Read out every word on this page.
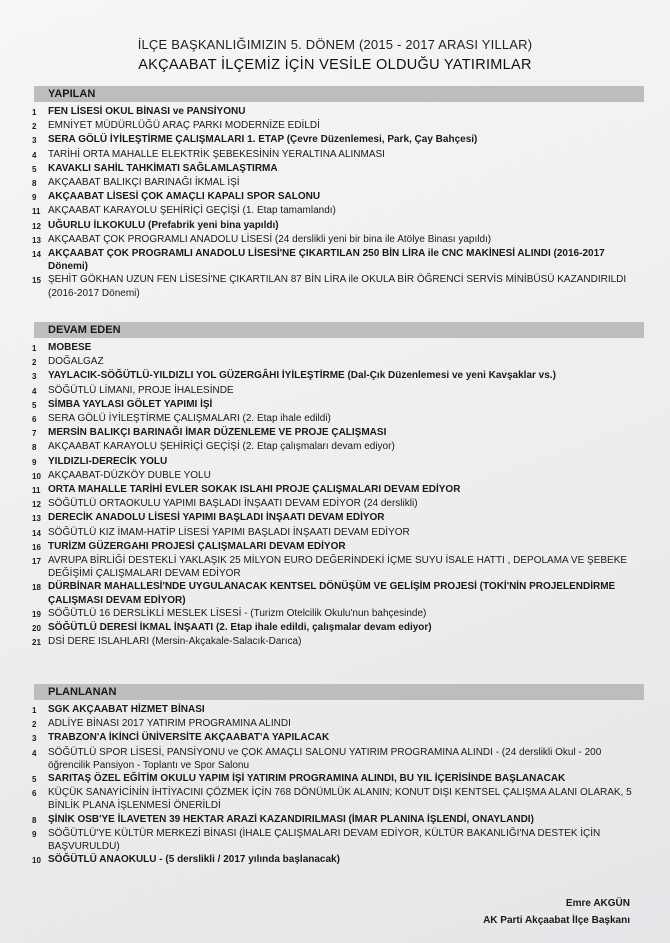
İLÇE BAŞKANLIĞIMIZIN 5. DÖNEM (2015 - 2017 ARASI YILLAR)
AKÇAABAT İLÇEMİZ İÇİN VESİLE OLDUĞU YATIRIMLAR
YAPILAN
1	FEN LİSESİ OKUL BİNASI ve PANSİYONU
2	EMNİYET MÜDÜRLÜĞÜ ARAÇ PARKI MODERNİZE EDİLDİ
3	SERA GÖLÜ İYİLEŞTİRME ÇALIŞMALARI 1. ETAP (Çevre Düzenlemesi, Park, Çay Bahçesi)
4	TARİHİ ORTA MAHALLE ELEKTRİK ŞEBEKESİNİN YERALTINA ALINMASI
5	KAVAKLI SAHİL TAHKİMATI SAĞLAMLAŞTIRMA
8	AKÇAABAT BALIKÇI BARINAĞI İKMAL İŞİ
9	AKÇAABAT LİSESİ ÇOK AMAÇLI KAPALI SPOR SALONU
11 AKÇAABAT KARAYOLU ŞEHİRİÇİ GEÇİŞİ (1. Etap tamamlandı)
12 UĞURLU İLKOKULU (Prefabrik yeni bina yapıldı)
13 AKÇAABAT ÇOK PROGRAMLI ANADOLU LİSESİ (24 derslikli yeni bir bina ile Atölye Binası yapıldı)
14 AKÇAABAT ÇOK PROGRAMLI ANADOLU LİSESİ'NE ÇIKARTILAN 250 BİN LİRA ile CNC MAKİNESİ ALINDI (2016-2017 Dönemi)
15 ŞEHİT GÖKHAN UZUN FEN LİSESİ'NE ÇIKARTILAN 87 BİN LİRA ile OKULA BİR ÖĞRENCİ SERVİS MİNİBÜSÜ KAZANDIRILDI (2016-2017 Dönemi)
DEVAM EDEN
1	MOBESE
2	DOĞALGAZ
3	YAYLACIK-SÖĞÜTLÜ-YILDIZLI YOL GÜZERGÂHI İYİLEŞTİRME (Dal-Çık Düzenlemesi ve yeni Kavşaklar vs.)
4	SÖĞÜTLÜ LİMANI, PROJE İHALESİNDE
5	SİMBA YAYLASI GÖLET YAPIMI İŞİ
6	SERA GÖLÜ İYİLEŞTİRME ÇALIŞMALARI (2. Etap ihale edildi)
7	MERSİN BALIKÇI BARINAĞI İMAR DÜZENLEME VE PROJE ÇALIŞMASI
8	AKÇAABAT KARAYOLU ŞEHİRİÇİ GEÇİŞİ (2. Etap çalışmaları devam ediyor)
9	YILDIZLI-DERECİK YOLU
10 AKÇAABAT-DÜZKÖY DUBLE YOLU
11 ORTA MAHALLE TARİHİ EVLER SOKAK ISLAHI PROJE ÇALIŞMALARI DEVAM EDİYOR
12 SÖĞÜTLÜ ORTAOKULU YAPIMI BAŞLADI İNŞAATI DEVAM EDİYOR (24 derslikli)
13 DERECİK ANADOLU LİSESİ YAPIMI BAŞLADI İNŞAATI DEVAM EDİYOR
14 SÖĞÜTLÜ KIZ İMAM-HATİP LİSESİ YAPIMI BAŞLADI İNŞAATI DEVAM EDİYOR
16 TURİZM GÜZERGAHI PROJESİ ÇALIŞMALARI DEVAM EDİYOR
17 AVRUPA BİRLİĞİ DESTEKLİ YAKLAŞIK 25 MİLYON EURO DEĞERİNDEKİ İÇME SUYU İSALE HATTI , DEPOLAMA VE ŞEBEKE DEĞİŞİMİ ÇALIŞMALARI DEVAM EDİYOR
18 DÜRBİNAR MAHALLESİ'NDE UYGULANACAK KENTSEL DÖNÜŞÜM VE GELİŞİM PROJESİ (TOKİ'NİN PROJELENDİRME ÇALIŞMASI DEVAM EDİYOR)
19 SÖĞÜTLÜ 16 DERSLİKLİ MESLEK LİSESİ - (Turizm Otelcilik Okulu'nun bahçesinde)
20 SÖĞÜTLÜ DERESİ İKMAL İNŞAATI (2. Etap ihale edildi, çalışmalar devam ediyor)
21 DSİ DERE ISLAHLARI (Mersin-Akçakale-Salacık-Darıca)
PLANLANAN
1	SGK AKÇAABAT HİZMET BİNASI
2	ADLİYE BİNASI 2017 YATIRIM PROGRAMINA ALINDI
3	TRABZON'A İKİNCİ ÜNİVERSİTE AKÇAABAT'A YAPILACAK
4	SÖĞÜTLÜ SPOR LİSESİ, PANSİYONU ve ÇOK AMAÇLI SALONU YATIRIM PROGRAMINA ALINDI - (24 derslikli Okul - 200 öğrencilik Pansiyon - Toplantı ve Spor Salonu
5	SARITAŞ ÖZEL EĞİTİM OKULU YAPIM İŞİ YATIRIM PROGRAMINA ALINDI, BU YIL İÇERİSİNDE BAŞLANACAK
6	KÜÇÜK SANAYİCİNİN İHTİYACINI ÇÖZMEK İÇİN 768 DÖNÜMLÜK ALANIN; KONUT DIŞI KENTSEL ÇALIŞMA ALANI OLARAK, 5 BİNLİK PLANA İŞLENMESİ ÖNERİLDİ
8	ŞİNİK OSB'YE İLAVETEN 39 HEKTAR ARAZİ KAZANDIRILMASI (İMAR PLANINA İŞLENDİ, ONAYLANDI)
9	SÖĞÜTLÜ'YE KÜLTÜR MERKEZİ BİNASI (İHALE ÇALIŞMALARI DEVAM EDİYOR, KÜLTÜR BAKANLIĞI'NA DESTEK İÇİN BAŞVURULDU)
10 SÖĞÜTLÜ ANAOKULU - (5 derslikli / 2017 yılında başlanacak)
Emre AKGÜN
AK Parti Akçaabat İlçe Başkanı
